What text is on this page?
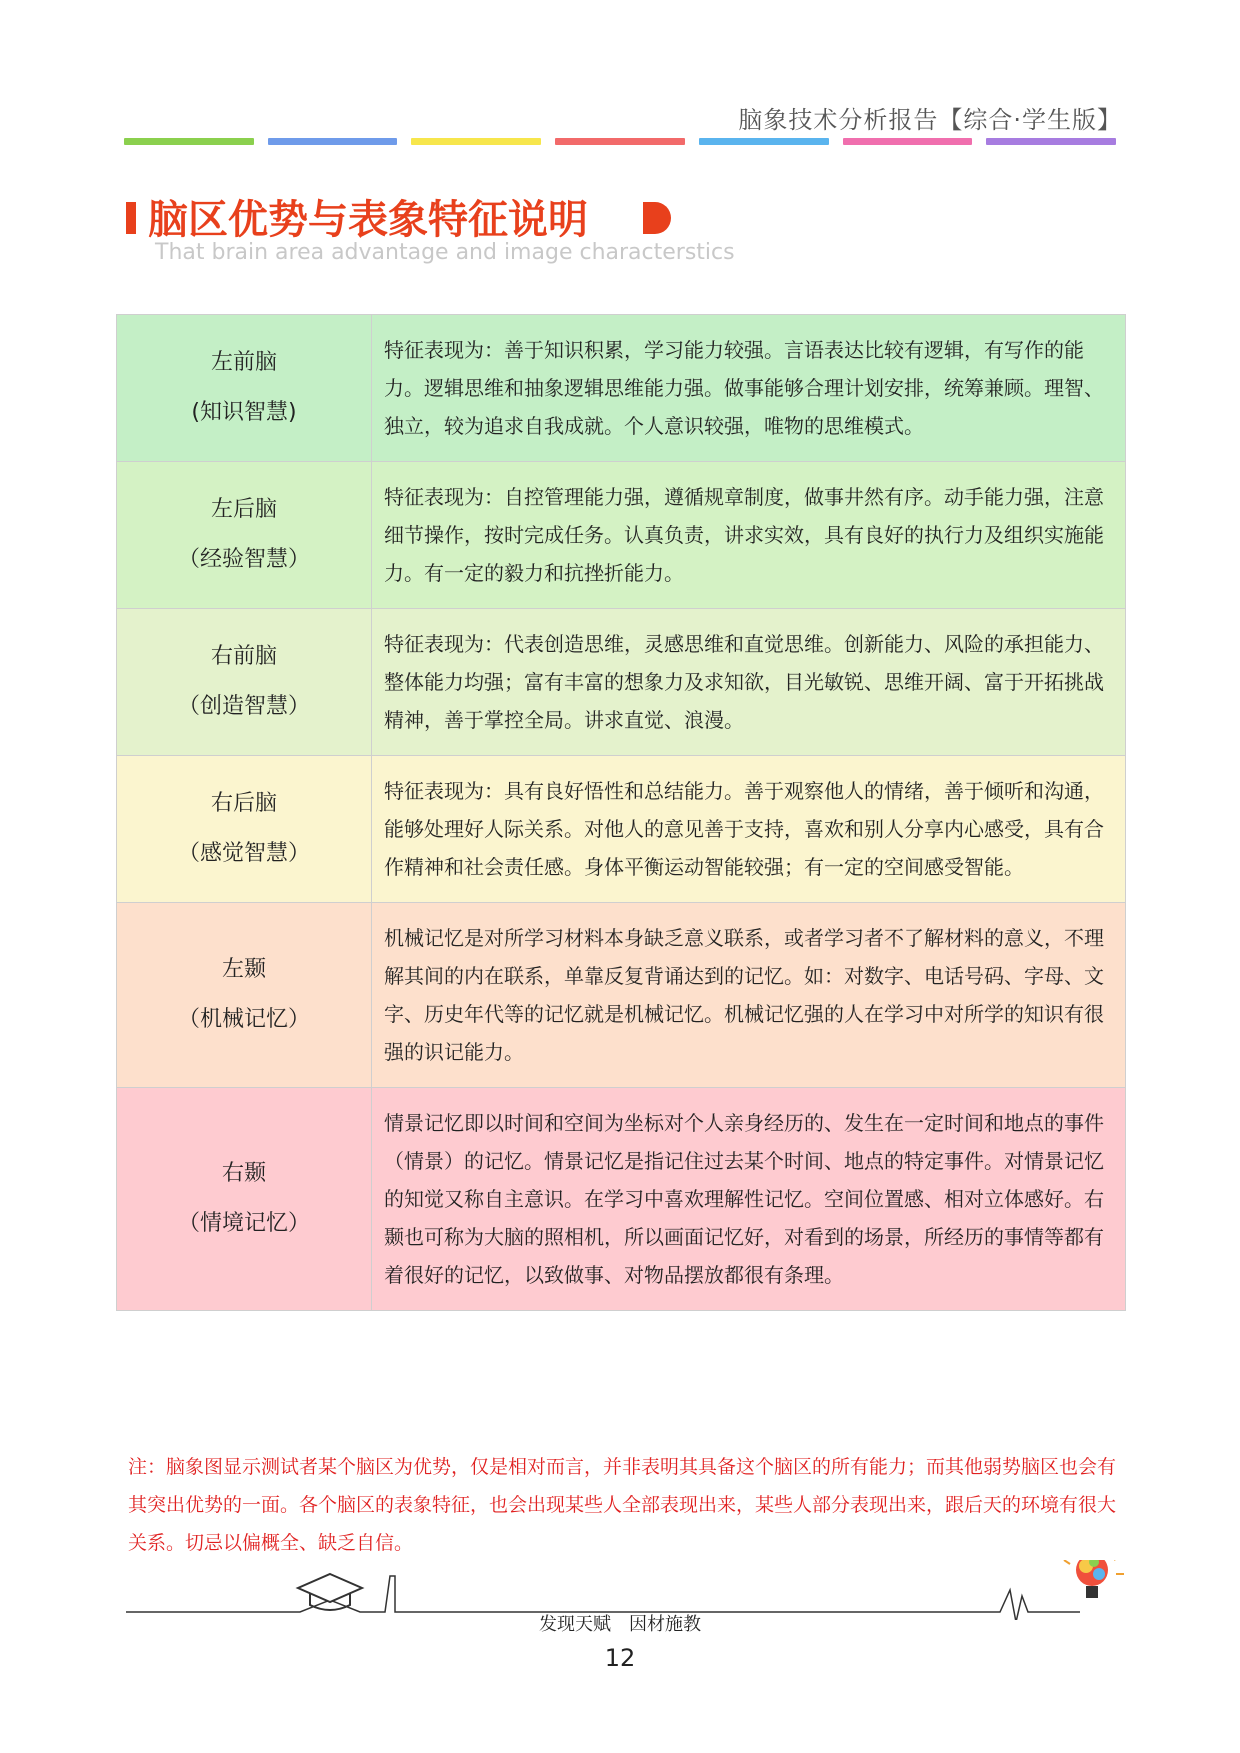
脑象技术分析报告【综合·学生版】
脑区优势与表象特征说明
That brain area advantage and image characterstics
左前脑
(知识智慧)	特征表现为：善于知识积累，学习能力较强。言语表达比较有逻辑，有写作的能力。逻辑思维和抽象逻辑思维能力强。做事能够合理计划安排，统筹兼顾。理智、独立，较为追求自我成就。个人意识较强，唯物的思维模式。

左后脑
（经验智慧）	特征表现为：自控管理能力强，遵循规章制度，做事井然有序。动手能力强，注意细节操作，按时完成任务。认真负责，讲求实效，具有良好的执行力及组织实施能力。有一定的毅力和抗挫折能力。

右前脑
（创造智慧）	特征表现为：代表创造思维，灵感思维和直觉思维。创新能力、风险的承担能力、整体能力均强；富有丰富的想象力及求知欲，目光敏锐、思维开阔、富于开拓挑战精神，善于掌控全局。讲求直觉、浪漫。

右后脑
（感觉智慧）	特征表现为：具有良好悟性和总结能力。善于观察他人的情绪，善于倾听和沟通，能够处理好人际关系。对他人的意见善于支持，喜欢和别人分享内心感受，具有合作精神和社会责任感。身体平衡运动智能较强；有一定的空间感受智能。

左颞
（机械记忆）	机械记忆是对所学习材料本身缺乏意义联系，或者学习者不了解材料的意义，不理解其间的内在联系，单靠反复背诵达到的记忆。如：对数字、电话号码、字母、文字、历史年代等的记忆就是机械记忆。机械记忆强的人在学习中对所学的知识有很强的识记能力。

右颞
（情境记忆）	情景记忆即以时间和空间为坐标对个人亲身经历的、发生在一定时间和地点的事件（情景）的记忆。情景记忆是指记住过去某个时间、地点的特定事件。对情景记忆的知觉又称自主意识。在学习中喜欢理解性记忆。空间位置感、相对立体感好。右颞也可称为大脑的照相机，所以画面记忆好，对看到的场景，所经历的事情等都有着很好的记忆，以致做事、对物品摆放都很有条理。
注：脑象图显示测试者某个脑区为优势，仅是相对而言，并非表明其具备这个脑区的所有能力；而其他弱势脑区也会有其突出优势的一面。各个脑区的表象特征，也会出现某些人全部表现出来，某些人部分表现出来，跟后天的环境有很大关系。切忌以偏概全、缺乏自信。
发现天赋　因材施教
12
